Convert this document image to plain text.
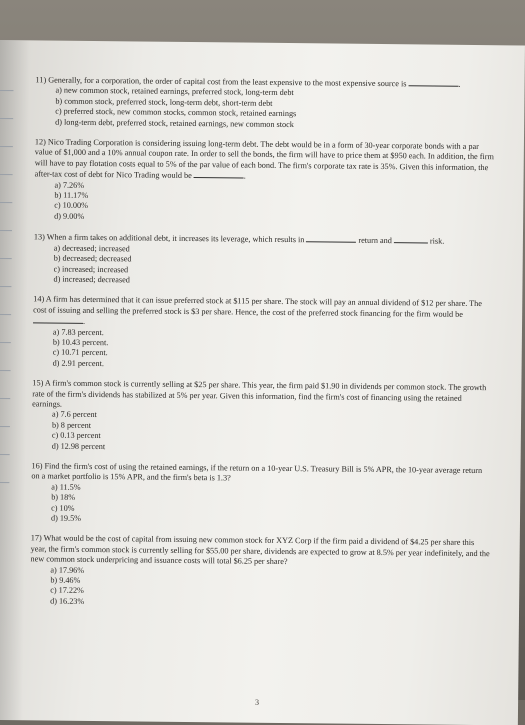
11) Generally, for a corporation, the order of capital cost from the least expensive to the most expensive source is	.

a) new common stock, retained earnings, preferred stock, long-term debt

b) common stock, preferred stock, long-term debt, short-term debt

c) preferred stock, new common stocks, common stock, retained earnings

d) long-term debt, preferred stock, retained earnings, new common stock

12) Nico Trading Corporation is considering issuing long-term debt. The debt would be in a form of 30-year corporate bonds with a par value of $1,000 and a 10% annual coupon rate. In order to sell the bonds, the firm will have to price them at $950 each. In addition, the firm will have to pay flotation costs equal to 5% of the par value of each bond. The firm's corporate tax rate is 35%. Given this information, the after-tax cost of debt for Nico Trading would be	.

a) 7.26%

b) 11.17%

c) 10.00%

d) 9.00%

13) When a firm takes on additional debt, it increases its leverage, which results in	return and	risk.

a) decreased; increased

b) decreased; decreased

c) increased; increased

d) increased; decreased

14) A firm has determined that it can issue preferred stock at $115 per share. The stock will pay an annual dividend of $12 per share. The cost of issuing and selling the preferred stock is $3 per share. Hence, the cost of the preferred stock financing for the firm would be .

a) 7.83 percent.

b) 10.43 percent.

c) 10.71 percent.

d) 2.91 percent.

15) A firm's common stock is currently selling at $25 per share. This year, the firm paid $1.90 in dividends per common stock. The growth rate of the firm's dividends has stabilized at 5% per year. Given this information, find the firm's cost of financing using the retained earnings.

a) 7.6 percent

b) 8 percent

c) 0.13 percent

d) 12.98 percent

16) Find the firm's cost of using the retained earnings, if the return on a 10-year U.S. Treasury Bill is 5% APR, the 10-year average return on a market portfolio is 15% APR, and the firm's beta is 1.3?

a) 11.5%

b) 18%

c) 10%

d) 19.5%

17) What would be the cost of capital from issuing new common stock for XYZ Corp if the firm paid a dividend of $4.25 per share this year, the firm's common stock is currently selling for $55.00 per share, dividends are expected to grow at 8.5% per year indefinitely, and the new common stock underpricing and issuance costs will total $6.25 per share?

a) 17.96%

b) 9.46%

c) 17.22%

d) 16.23%

3
